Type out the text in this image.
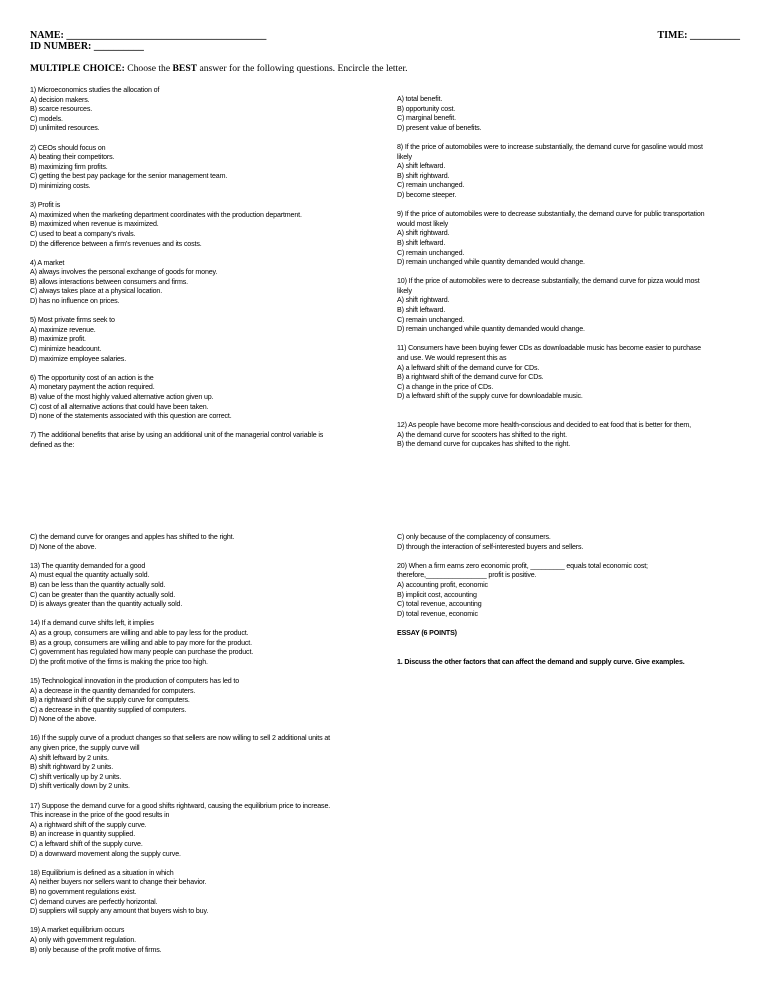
NAME: ________________________________________	TIME: __________
ID NUMBER: __________
MULTIPLE CHOICE: Choose the BEST answer for the following questions. Encircle the letter.
1) Microeconomics studies the allocation of
A) decision makers.
B) scarce resources.
C) models.
D) unlimited resources.
2) CEOs should focus on
A) beating their competitors.
B) maximizing firm profits.
C) getting the best pay package for the senior management team.
D) minimizing costs.
3) Profit is
A) maximized when the marketing department coordinates with the production department.
B) maximized when revenue is maximized.
C) used to beat a company's rivals.
D) the difference between a firm's revenues and its costs.
4) A market
A) always involves the personal exchange of goods for money.
B) allows interactions between consumers and firms.
C) always takes place at a physical location.
D) has no influence on prices.
5) Most private firms seek to
A) maximize revenue.
B) maximize profit.
C) minimize headcount.
D) maximize employee salaries.
6) The opportunity cost of an action is the
A) monetary payment the action required.
B) value of the most highly valued alternative action given up.
C) cost of all alternative actions that could have been taken.
D) none of the statements associated with this question are correct.
7) The additional benefits that arise by using an additional unit of the managerial control variable is
defined as the:
A) total benefit.
B) opportunity cost.
C) marginal benefit.
D) present value of benefits.
8) If the price of automobiles were to increase substantially, the demand curve for gasoline would most
likely
A) shift leftward.
B) shift rightward.
C) remain unchanged.
D) become steeper.
9) If the price of automobiles were to decrease substantially, the demand curve for public transportation
would most likely
A) shift rightward.
B) shift leftward.
C) remain unchanged.
D) remain unchanged while quantity demanded would change.
10) If the price of automobiles were to decrease substantially, the demand curve for pizza would most
likely
A) shift rightward.
B) shift leftward.
C) remain unchanged.
D) remain unchanged while quantity demanded would change.
11) Consumers have been buying fewer CDs as downloadable music has become easier to purchase
and use. We would represent this as
A) a leftward shift of the demand curve for CDs.
B) a rightward shift of the demand curve for CDs.
C) a change in the price of CDs.
D) a leftward shift of the supply curve for downloadable music.
12) As people have become more health-conscious and decided to eat food that is better for them,
A) the demand curve for scooters has shifted to the right.
B) the demand curve for cupcakes has shifted to the right.
C) the demand curve for oranges and apples has shifted to the right.
D) None of the above.
13) The quantity demanded for a good
A) must equal the quantity actually sold.
B) can be less than the quantity actually sold.
C) can be greater than the quantity actually sold.
D) is always greater than the quantity actually sold.
14) If a demand curve shifts left, it implies
A) as a group, consumers are willing and able to pay less for the product.
B) as a group, consumers are willing and able to pay more for the product.
C) government has regulated how many people can purchase the product.
D) the profit motive of the firms is making the price too high.
15) Technological innovation in the production of computers has led to
A) a decrease in the quantity demanded for computers.
B) a rightward shift of the supply curve for computers.
C) a decrease in the quantity supplied of computers.
D) None of the above.
16) If the supply curve of a product changes so that sellers are now willing to sell 2 additional units at
any given price, the supply curve will
A) shift leftward by 2 units.
B) shift rightward by 2 units.
C) shift vertically up by 2 units.
D) shift vertically down by 2 units.
17) Suppose the demand curve for a good shifts rightward, causing the equilibrium price to increase.
This increase in the price of the good results in
A) a rightward shift of the supply curve.
B) an increase in quantity supplied.
C) a leftward shift of the supply curve.
D) a downward movement along the supply curve.
18) Equilibrium is defined as a situation in which
A) neither buyers nor sellers want to change their behavior.
B) no government regulations exist.
C) demand curves are perfectly horizontal.
D) suppliers will supply any amount that buyers wish to buy.
19) A market equilibrium occurs
A) only with government regulation.
B) only because of the profit motive of firms.
C) only because of the complacency of consumers.
D) through the interaction of self-interested buyers and sellers.
20) When a firm earns zero economic profit, _________ equals total economic cost;
therefore,________________ profit is positive.
A) accounting profit, economic
B) implicit cost, accounting
C) total revenue, accounting
D) total revenue, economic
ESSAY (6 POINTS)
1. Discuss the other factors that can affect the demand and supply curve. Give examples.
